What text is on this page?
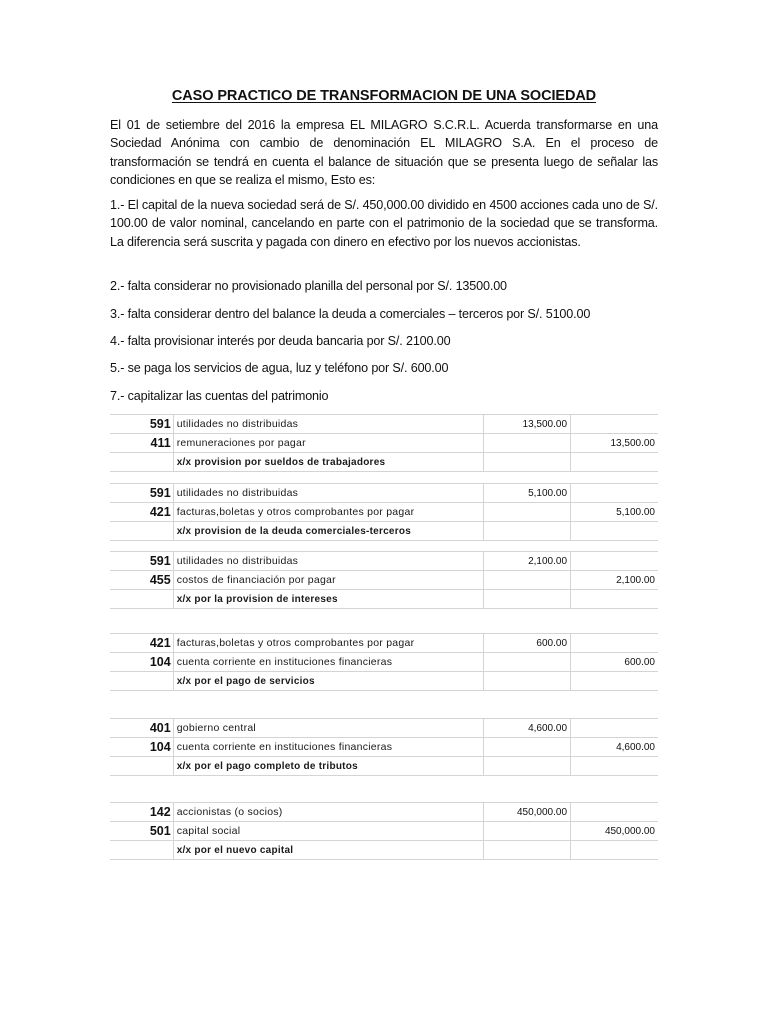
CASO PRACTICO DE TRANSFORMACION DE UNA SOCIEDAD
El 01 de setiembre del 2016 la empresa EL MILAGRO S.C.R.L. Acuerda transformarse en una Sociedad Anónima con cambio de denominación EL MILAGRO S.A. En el proceso de transformación se tendrá en cuenta el balance de situación que se presenta luego de señalar las condiciones en que se realiza el mismo, Esto es:
1.- El capital de la nueva sociedad será de S/. 450,000.00 dividido en 4500 acciones cada uno de S/. 100.00 de valor nominal, cancelando en parte con el patrimonio de la sociedad que se transforma. La diferencia será suscrita y pagada con dinero en efectivo por los nuevos accionistas.
2.- falta considerar no provisionado planilla del personal por S/. 13500.00
3.- falta considerar dentro del balance la deuda a comerciales – terceros por S/. 5100.00
4.- falta provisionar interés por deuda bancaria por S/. 2100.00
5.- se paga los servicios de agua, luz y teléfono por S/. 600.00
7.- capitalizar las cuentas del patrimonio
591	utilidades no distribuidas	13,500.00	
411	remuneraciones por pagar		13,500.00
	x/x provision por sueldos de trabajadores		
591	utilidades no distribuidas	5,100.00	
421	facturas,boletas y otros comprobantes por pagar		5,100.00
	x/x provision de la deuda comerciales-terceros		
591	utilidades no distribuidas	2,100.00	
455	costos de financiación por pagar		2,100.00
	x/x por la provision de intereses		
421	facturas,boletas y otros comprobantes por pagar	600.00	
104	cuenta corriente en instituciones financieras		600.00
	x/x por el pago de servicios		
401	gobierno central	4,600.00	
104	cuenta corriente en instituciones financieras		4,600.00
	x/x por el pago completo de tributos		
142	accionistas (o socios)	450,000.00	
501	capital social		450,000.00
	x/x por el nuevo capital		
